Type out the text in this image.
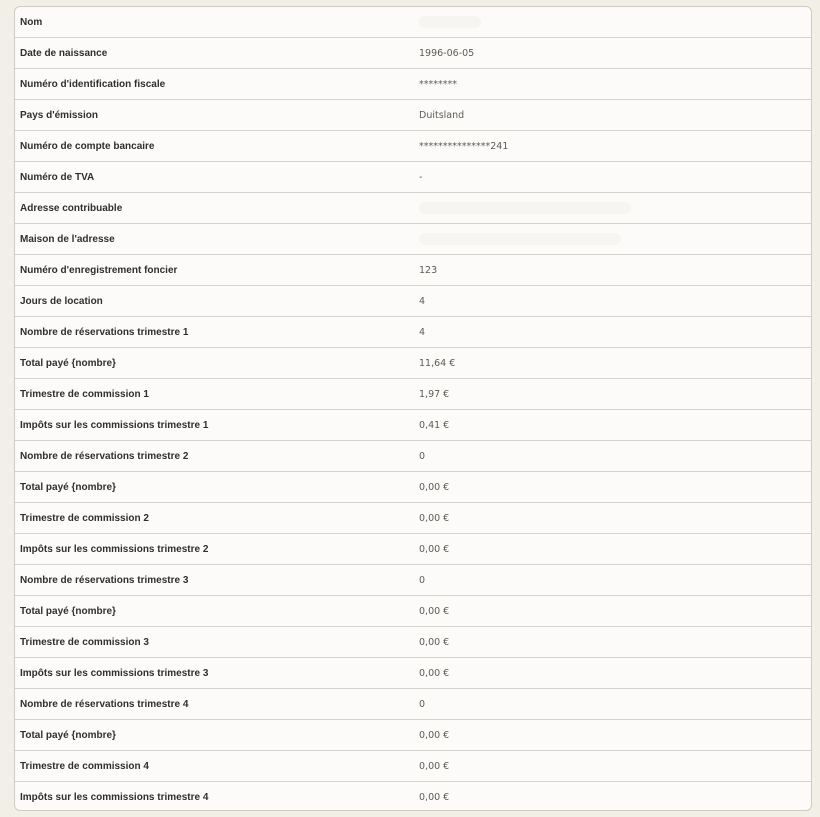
Nom
Date de naissance	1996-06-05
Numéro d'identification fiscale	********
Pays d'émission	Duitsland
Numéro de compte bancaire	***************241
Numéro de TVA	-
Adresse contribuable
Maison de l'adresse
Numéro d'enregistrement foncier	123
Jours de location	4
Nombre de réservations trimestre 1	4
Total payé {nombre}	11,64 €
Trimestre de commission 1	1,97 €
Impôts sur les commissions trimestre 1	0,41 €
Nombre de réservations trimestre 2	0
Total payé {nombre}	0,00 €
Trimestre de commission 2	0,00 €
Impôts sur les commissions trimestre 2	0,00 €
Nombre de réservations trimestre 3	0
Total payé {nombre}	0,00 €
Trimestre de commission 3	0,00 €
Impôts sur les commissions trimestre 3	0,00 €
Nombre de réservations trimestre 4	0
Total payé {nombre}	0,00 €
Trimestre de commission 4	0,00 €
Impôts sur les commissions trimestre 4	0,00 €
